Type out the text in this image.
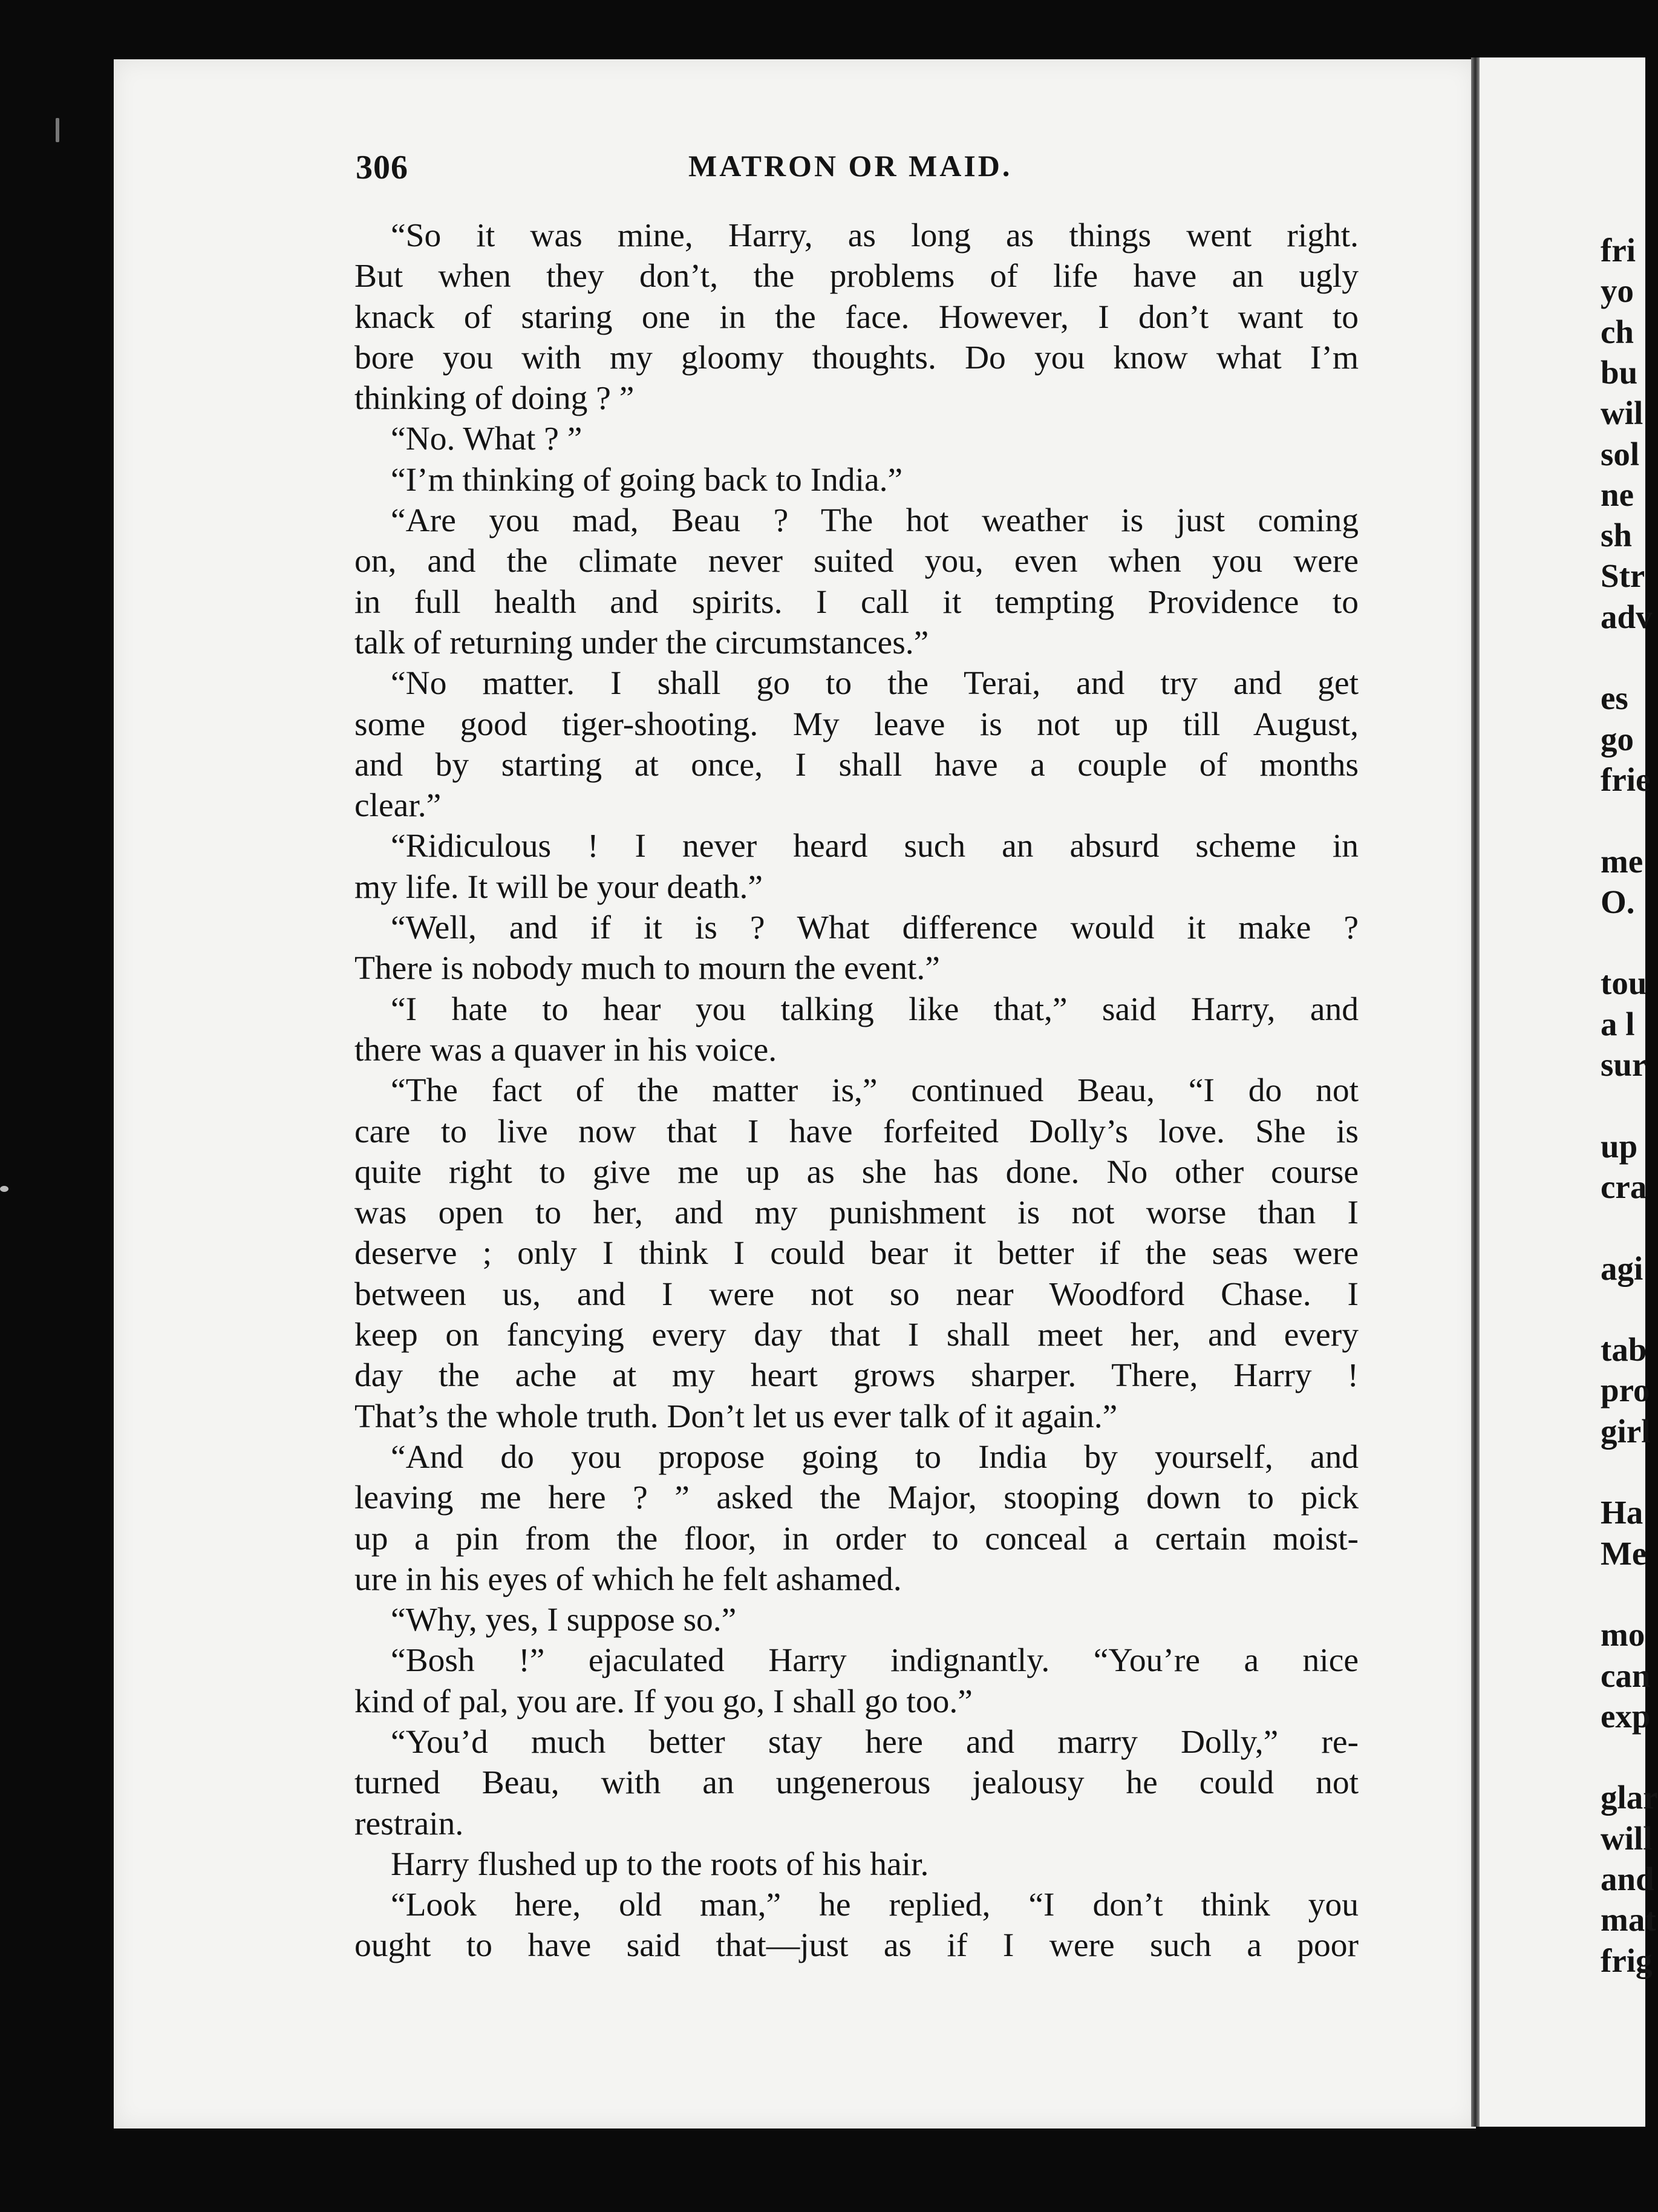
306	MATRON OR MAID.
“So it was mine, Harry, as long as things went right.
But when they don’t, the problems of life have an ugly
knack of staring one in the face. However, I don’t want to
bore you with my gloomy thoughts. Do you know what I’m
thinking of doing ? ”
“No. What ? ”
“I’m thinking of going back to India.”
“Are you mad, Beau ? The hot weather is just coming
on, and the climate never suited you, even when you were
in full health and spirits. I call it tempting Providence to
talk of returning under the circumstances.”
“No matter. I shall go to the Terai, and try and get
some good tiger-shooting. My leave is not up till August,
and by starting at once, I shall have a couple of months
clear.”
“Ridiculous ! I never heard such an absurd scheme in
my life. It will be your death.”
“Well, and if it is ? What difference would it make ?
There is nobody much to mourn the event.”
“I hate to hear you talking like that,” said Harry, and
there was a quaver in his voice.
“The fact of the matter is,” continued Beau, “I do not
care to live now that I have forfeited Dolly’s love. She is
quite right to give me up as she has done. No other course
was open to her, and my punishment is not worse than I
deserve ; only I think I could bear it better if the seas were
between us, and I were not so near Woodford Chase. I
keep on fancying every day that I shall meet her, and every
day the ache at my heart grows sharper. There, Harry !
That’s the whole truth. Don’t let us ever talk of it again.”
“And do you propose going to India by yourself, and
leaving me here ? ” asked the Major, stooping down to pick
up a pin from the floor, in order to conceal a certain moist-
ure in his eyes of which he felt ashamed.
“Why, yes, I suppose so.”
“Bosh !” ejaculated Harry indignantly. “You’re a nice
kind of pal, you are. If you go, I shall go too.”
“You’d much better stay here and marry Dolly,” re-
turned Beau, with an ungenerous jealousy he could not
restrain.
Harry flushed up to the roots of his hair.
“Look here, old man,” he replied, “I don’t think you
ought to have said that—just as if I were such a poor
fri
yo
ch
bu
wil
sol
ne
sh
Str
adv
es
go
frie
me
O.
tou
a l
sur
up
cra
agi
tab
pro
girl
Ha
Me
mo
can
exp
glar
will
and
mat
frig
